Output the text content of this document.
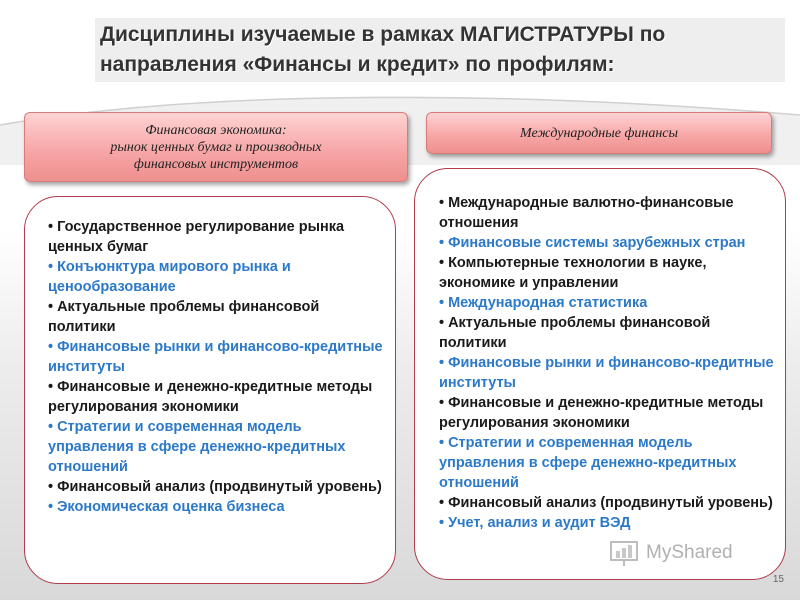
Дисциплины изучаемые в рамках МАГИСТРАТУРЫ по
направления «Финансы и кредит» по профилям:
Финансовая экономика:
рынок ценных бумаг и производных
финансовых инструментов
Международные финансы
• Государственное регулирование рынка ценных бумаг
• Конъюнктура мирового рынка и ценообразование
• Актуальные проблемы финансовой политики
• Финансовые рынки и финансово-кредитные институты
• Финансовые и денежно-кредитные методы регулирования экономики
• Стратегии и современная модель управления в сфере денежно-кредитных отношений
• Финансовый анализ (продвинутый уровень)
• Экономическая оценка бизнеса
• Международные валютно-финансовые отношения
• Финансовые системы зарубежных стран
• Компьютерные технологии в науке, экономике и управлении
• Международная статистика
• Актуальные проблемы финансовой политики
• Финансовые рынки и финансово-кредитные институты
• Финансовые и денежно-кредитные методы регулирования экономики
• Стратегии и современная модель управления в сфере денежно-кредитных отношений
• Финансовый анализ (продвинутый уровень)
• Учет, анализ и аудит ВЭД
MyShared
15
